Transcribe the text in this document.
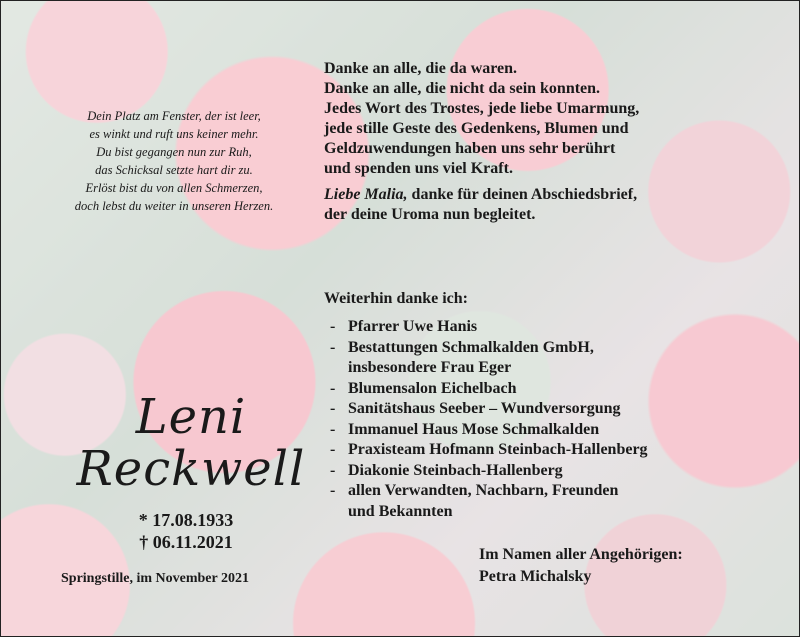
Dein Platz am Fenster, der ist leer,
es winkt und ruft uns keiner mehr.
Du bist gegangen nun zur Ruh,
das Schicksal setzte hart dir zu.
Erlöst bist du von allen Schmerzen,
doch lebst du weiter in unseren Herzen.
Danke an alle, die da waren.
Danke an alle, die nicht da sein konnten.
Jedes Wort des Trostes, jede liebe Umarmung,
jede stille Geste des Gedenkens, Blumen und
Geldzuwendungen haben uns sehr berührt
und spenden uns viel Kraft.
Liebe Malia, danke für deinen Abschiedsbrief,
der deine Uroma nun begleitet.
Weiterhin danke ich:
- Pfarrer Uwe Hanis
- Bestattungen Schmalkalden GmbH,
insbesondere Frau Eger
- Blumensalon Eichelbach
- Sanitätshaus Seeber – Wundversorgung
- Immanuel Haus Mose Schmalkalden
- Praxisteam Hofmann Steinbach-Hallenberg
- Diakonie Steinbach-Hallenberg
- allen Verwandten, Nachbarn, Freunden
und Bekannten
Leni
Reckwell
* 17.08.1933
† 06.11.2021
Springstille, im November 2021
Im Namen aller Angehörigen:
Petra Michalsky
